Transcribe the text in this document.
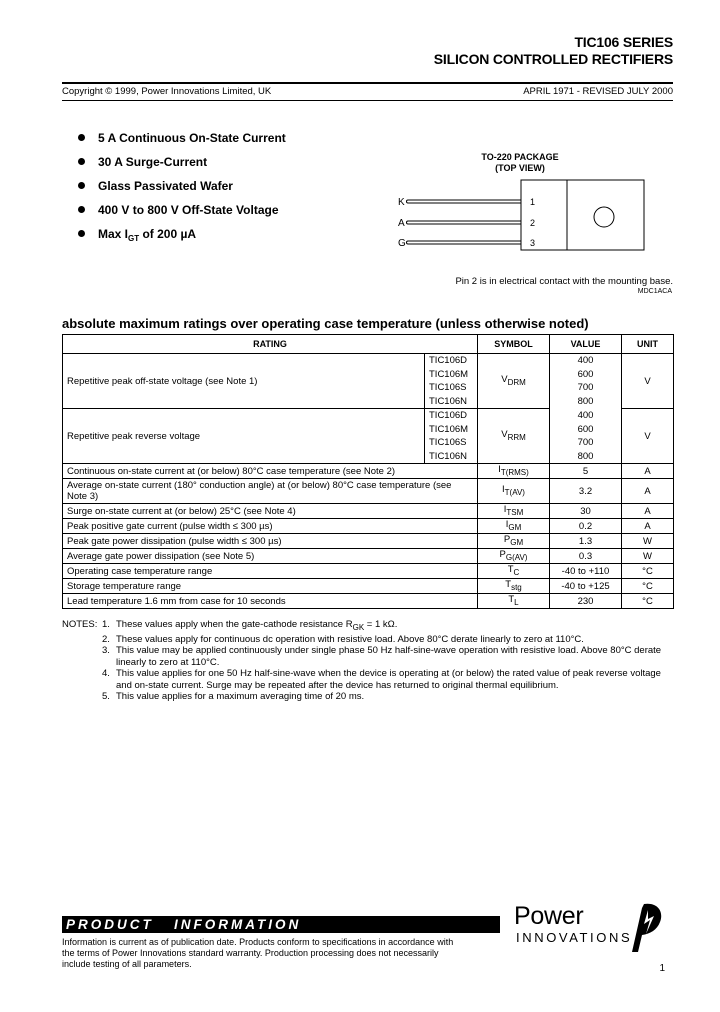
TIC106 SERIES
SILICON CONTROLLED RECTIFIERS
Copyright © 1999, Power Innovations Limited, UK	APRIL 1971 - REVISED JULY 2000
5 A Continuous On-State Current
30 A Surge-Current
Glass Passivated Wafer
400 V to 800 V Off-State Voltage
Max $I_{GT}$ of 200 µA
TO-220 PACKAGE
(TOP VIEW)
K	1
A	2
G	3
Pin 2 is in electrical contact with the mounting base.
MDC1ACA
absolute maximum ratings over operating case temperature (unless otherwise noted)
RATING		SYMBOL	VALUE	UNIT
Repetitive peak off-state voltage (see Note 1)	TIC106D	$V_{DRM}$	400	V
	TIC106M		600	
	TIC106S		700	
	TIC106N		800	
Repetitive peak reverse voltage	TIC106D	$V_{RRM}$	400	V
	TIC106M		600	
	TIC106S		700	
	TIC106N		800	
Continuous on-state current at (or below) 80°C case temperature (see Note 2)		$I_{T(RMS)}$	5	A
Average on-state current (180° conduction angle) at (or below) 80°C case temperature (see Note 3)		$I_{T(AV)}$	3.2	A
Surge on-state current at (or below) 25°C (see Note 4)		$I_{TSM}$	30	A
Peak positive gate current (pulse width ≤ 300 µs)		$I_{GM}$	0.2	A
Peak gate power dissipation (pulse width ≤ 300 µs)		$P_{GM}$	1.3	W
Average gate power dissipation (see Note 5)		$P_{G(AV)}$	0.3	W
Operating case temperature range		$T_C$	-40 to +110	°C
Storage temperature range		$T_{stg}$	-40 to +125	°C
Lead temperature 1.6 mm from case for 10 seconds		$T_L$	230	°C
NOTES: 1. These values apply when the gate-cathode resistance $R_{GK} = 1$ kΩ.
2. These values apply for continuous dc operation with resistive load. Above 80°C derate linearly to zero at 110°C.
3. This value may be applied continuously under single phase 50 Hz half-sine-wave operation with resistive load. Above 80°C derate linearly to zero at 110°C.
4. This value applies for one 50 Hz half-sine-wave when the device is operating at (or below) the rated value of peak reverse voltage and on-state current. Surge may be repeated after the device has returned to original thermal equilibrium.
5. This value applies for a maximum averaging time of 20 ms.
PRODUCT   INFORMATION
Information is current as of publication date. Products conform to specifications in accordance with the terms of Power Innovations standard warranty. Production processing does not necessarily include testing of all parameters.
Power
INNOVATIONS
1
